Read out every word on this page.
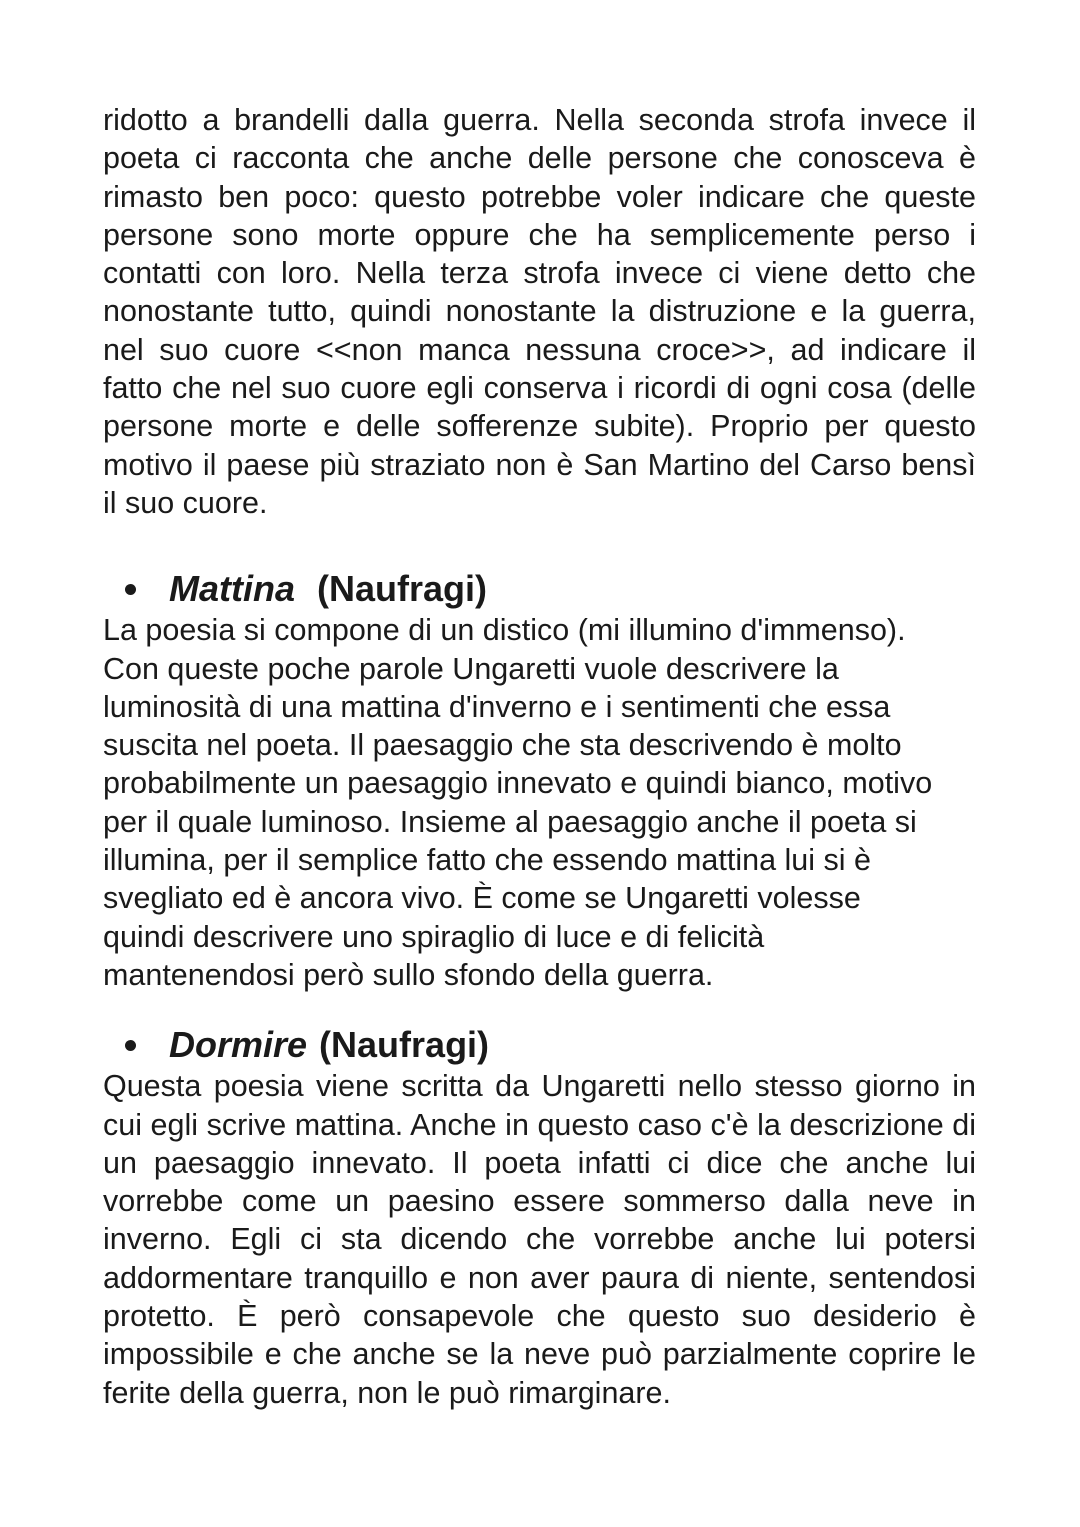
ridotto a brandelli dalla guerra. Nella seconda strofa invece il poeta ci racconta che anche delle persone che conosceva è rimasto ben poco: questo potrebbe voler indicare che queste persone sono morte oppure che ha semplicemente perso i contatti con loro. Nella terza strofa invece ci viene detto che nonostante tutto, quindi nonostante la distruzione e la guerra, nel suo cuore <<non manca nessuna croce>>, ad indicare il fatto che nel suo cuore egli conserva i ricordi di ogni cosa (delle persone morte e delle sofferenze subite). Proprio per questo motivo il paese più straziato non è San Martino del Carso bensì il suo cuore.

Mattina (Naufragi)

La poesia si compone di un distico (mi illumino d'immenso). Con queste poche parole Ungaretti vuole descrivere la luminosità di una mattina d'inverno e i sentimenti che essa suscita nel poeta. Il paesaggio che sta descrivendo è molto probabilmente un paesaggio innevato e quindi bianco, motivo per il quale luminoso. Insieme al paesaggio anche il poeta si illumina, per il semplice fatto che essendo mattina lui si è svegliato ed è ancora vivo. È come se Ungaretti volesse quindi descrivere uno spiraglio di luce e di felicità mantenendosi però sullo sfondo della guerra.

Dormire (Naufragi)

Questa poesia viene scritta da Ungaretti nello stesso giorno in cui egli scrive mattina. Anche in questo caso c'è la descrizione di un paesaggio innevato. Il poeta infatti ci dice che anche lui vorrebbe come un paesino essere sommerso dalla neve in inverno. Egli ci sta dicendo che vorrebbe anche lui potersi addormentare tranquillo e non aver paura di niente, sentendosi protetto. È però consapevole che questo suo desiderio è impossibile e che anche se la neve può parzialmente coprire le ferite della guerra, non le può rimarginare.
